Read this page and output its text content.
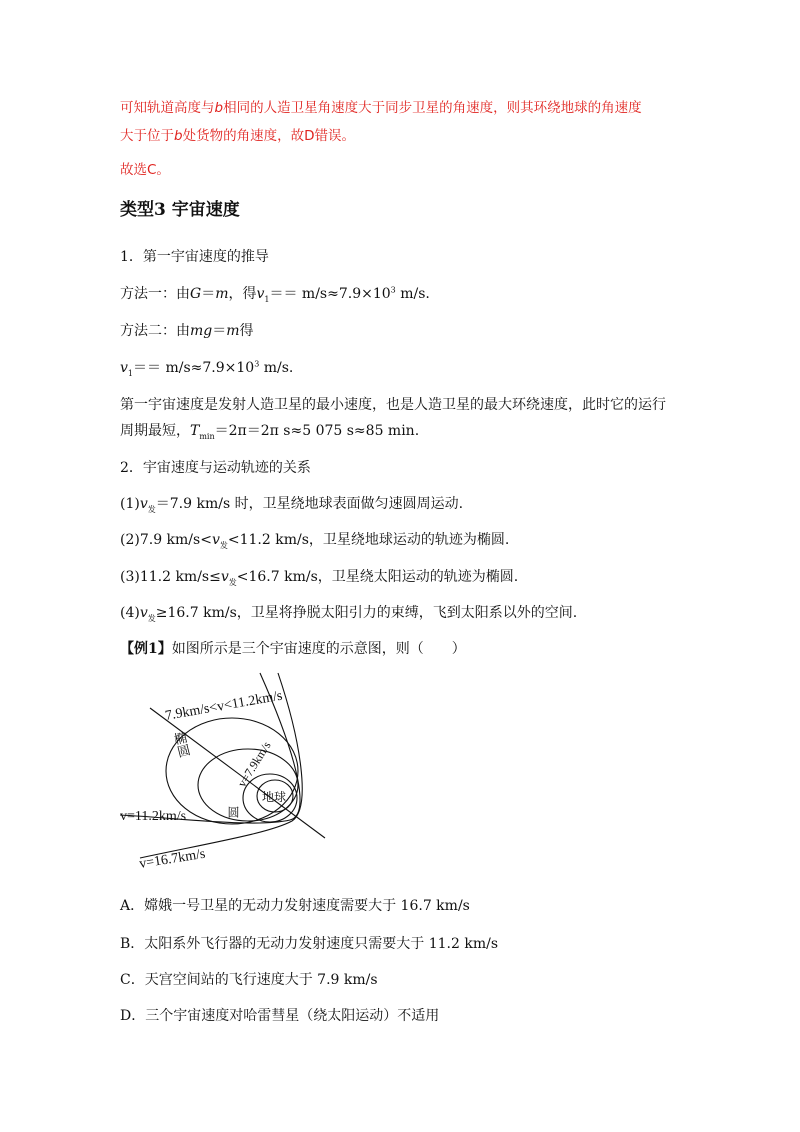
可知轨道高度与b相同的人造卫星角速度大于同步卫星的角速度，则其环绕地球的角速度
大于位于b处货物的角速度，故D错误。
故选C。
类型3 宇宙速度
1．第一宇宙速度的推导
方法一：由G＝m，得$v_1== m/s\approx 7.9\times 10^3$ m/s.
方法二：由mg＝m得
$v_1== m/s\approx 7.9\times 10^3$ m/s.
第一宇宙速度是发射人造卫星的最小速度，也是人造卫星的最大环绕速度，此时它的运行
周期最短，$T_{min}=2\pi=2\pi$ s≈5 075 s≈85 min.
2．宇宙速度与运动轨迹的关系
$(1)v_发=7.9$ km/s 时，卫星绕地球表面做匀速圆周运动.
(2)7.9 $km/s<v_发<11.2$ km/s，卫星绕地球运动的轨迹为椭圆.
(3)11.2 $km/s\le v_发<16.7$ km/s，卫星绕太阳运动的轨迹为椭圆.
$(4)v_发\ge 16.7$ km/s，卫星将挣脱太阳引力的束缚，飞到太阳系以外的空间.
【例1】如图所示是三个宇宙速度的示意图，则（　　）
7.9km/s<v<11.2km/s
椭圆	v=7.9km/s
地球
圆
v=11.2km/s
v=16.7km/s
A．嫦娥一号卫星的无动力发射速度需要大于 16.7 km/s
B．太阳系外飞行器的无动力发射速度只需要大于 11.2 km/s
C．天宫空间站的飞行速度大于 7.9 km/s
D．三个宇宙速度对哈雷彗星（绕太阳运动）不适用
